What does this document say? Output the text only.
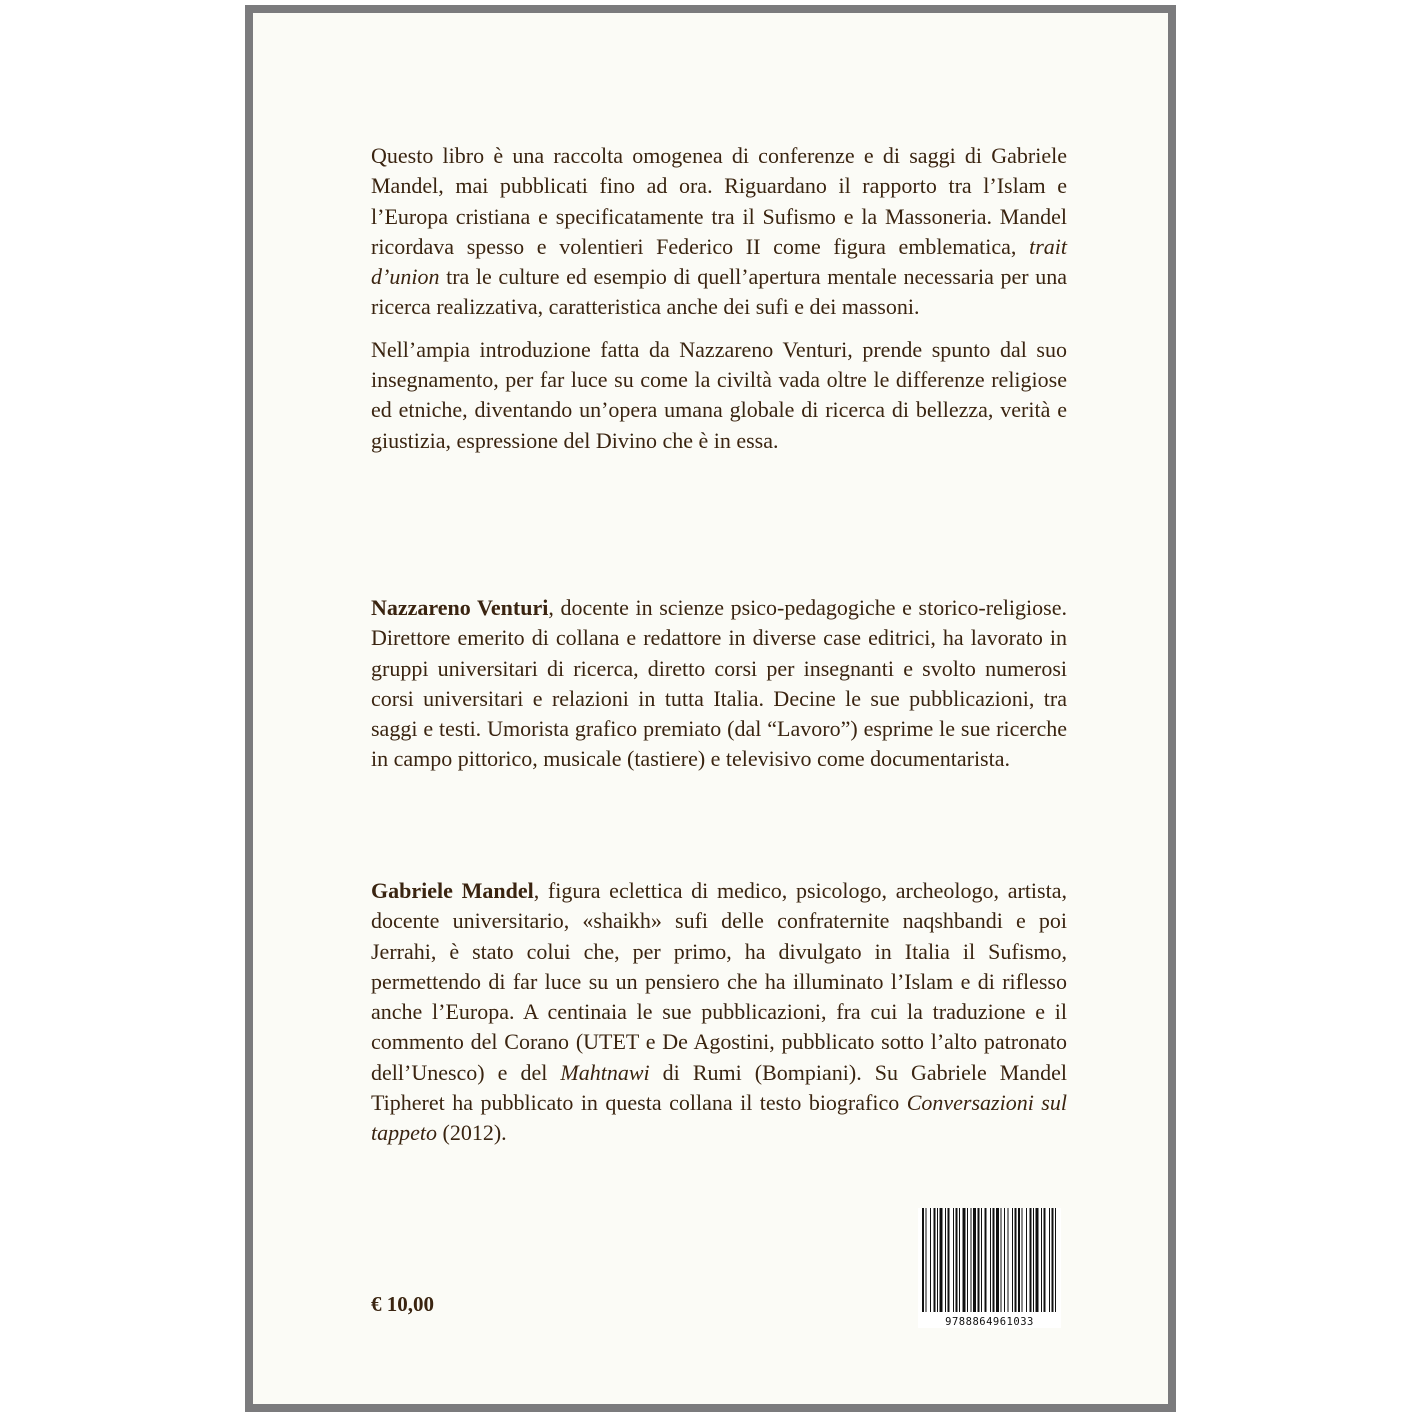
Questo libro è una raccolta omogenea di conferenze e di saggi di Gabriele Mandel, mai pubblicati fino ad ora. Riguardano il rapporto tra l’Islam e l’Europa cristiana e specificatamente tra il Sufismo e la Massoneria. Mandel ricordava spesso e volentieri Federico II come figura emblematica, trait d’union tra le culture ed esempio di quell’apertura mentale necessaria per una ricerca realizzativa, caratteristica anche dei sufi e dei massoni.

Nell’ampia introduzione fatta da Nazzareno Venturi, prende spunto dal suo insegnamento, per far luce su come la civiltà vada oltre le differenze religiose ed etniche, diventando un’opera umana globale di ricerca di bellezza, verità e giustizia, espressione del Divino che è in essa.

Nazzareno Venturi, docente in scienze psico-pedagogiche e storico-religiose. Direttore emerito di collana e redattore in diverse case editrici, ha lavorato in gruppi universitari di ricerca, diretto corsi per insegnanti e svolto numerosi corsi universitari e relazioni in tutta Italia. Decine le sue pubblicazioni, tra saggi e testi. Umorista grafico premiato (dal “Lavoro”) esprime le sue ricerche in campo pittorico, musicale (tastiere) e televisivo come documentarista.

Gabriele Mandel, figura eclettica di medico, psicologo, archeologo, artista, docente universitario, «shaikh» sufi delle confraternite naqshbandi e poi Jerrahi, è stato colui che, per primo, ha divulgato in Italia il Sufismo, permettendo di far luce su un pensiero che ha illuminato l’Islam e di riflesso anche l’Europa. A centinaia le sue pubblicazioni, fra cui la traduzione e il commento del Corano (UTET e De Agostini, pubblicato sotto l’alto patronato dell’Unesco) e del Mahtnawi di Rumi (Bompiani). Su Gabriele Mandel Tipheret ha pubblicato in questa collana il testo biografico Conversazioni sul tappeto (2012).

€ 10,00
9788864961033
